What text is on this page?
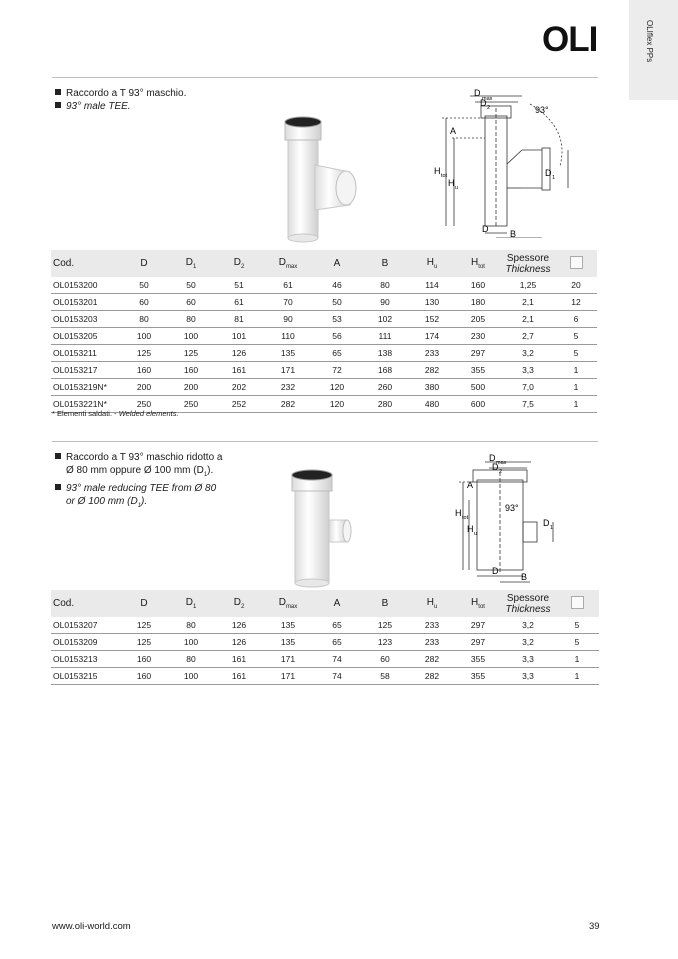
OLIflex PPs
OLI
Raccordo a T 93° maschio.
93° male TEE.
D
max
D 2	93°
A
H tot
H u
D 1
D B
Cod.	D	$D_1$	$D_2$	$D_{max}$	A	B	$H_u$	$H_{tot}$	Spessore
Thickness	
OL0153200	50	50	51	61	46	80	114	160	1,25	20
OL0153201	60	60	61	70	50	90	130	180	2,1	12
OL0153203	80	80	81	90	53	102	152	205	2,1	6
OL0153205	100	100	101	110	56	111	174	230	2,7	5
OL0153211	125	125	126	135	65	138	233	297	3,2	5
OL0153217	160	160	161	171	72	168	282	355	3,3	1
OL0153219N*	200	200	202	232	120	260	380	500	7,0	1
OL0153221N*	250	250	252	282	120	280	480	600	7,5	1
* Elementi saldati. - Welded elements.
Raccordo a T 93° maschio ridotto a
Ø 80 mm oppure Ø 100 mm $(D_1)$.
93° male reducing TEE from Ø 80
or Ø 100 mm $(D_1)$.
D max
D 2
A
H tot
H u
93°
D 1
D
B
Cod.	D	$D_1$	$D_2$	$D_{max}$	A	B	$H_u$	$H_{tot}$	Spessore
Thickness	
OL0153207	125	80	126	135	65	125	233	297	3,2	5
OL0153209	125	100	126	135	65	123	233	297	3,2	5
OL0153213	160	80	161	171	74	60	282	355	3,3	1
OL0153215	160	100	161	171	74	58	282	355	3,3	1
www.oli-world.com	39
